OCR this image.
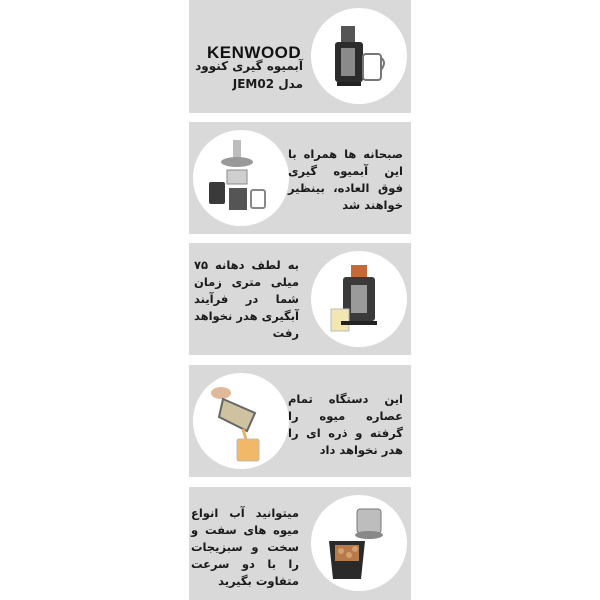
KENWOOD
آبمیوه گیری کنوود مدل JEM02
صبحانه ها همراه با این آبمیوه گیری فوق العاده، بینظیر خواهند شد
به لطف دهانه ۷۵ میلی متری زمان شما در فرآیند آبگیری هدر نخواهد رفت
این دستگاه تمام عصاره میوه را گرفته و ذره ای را هدر نخواهد داد
میتوانید آب انواع میوه های سفت و سخت و سبزیجات را با دو سرعت متفاوت بگیرید
